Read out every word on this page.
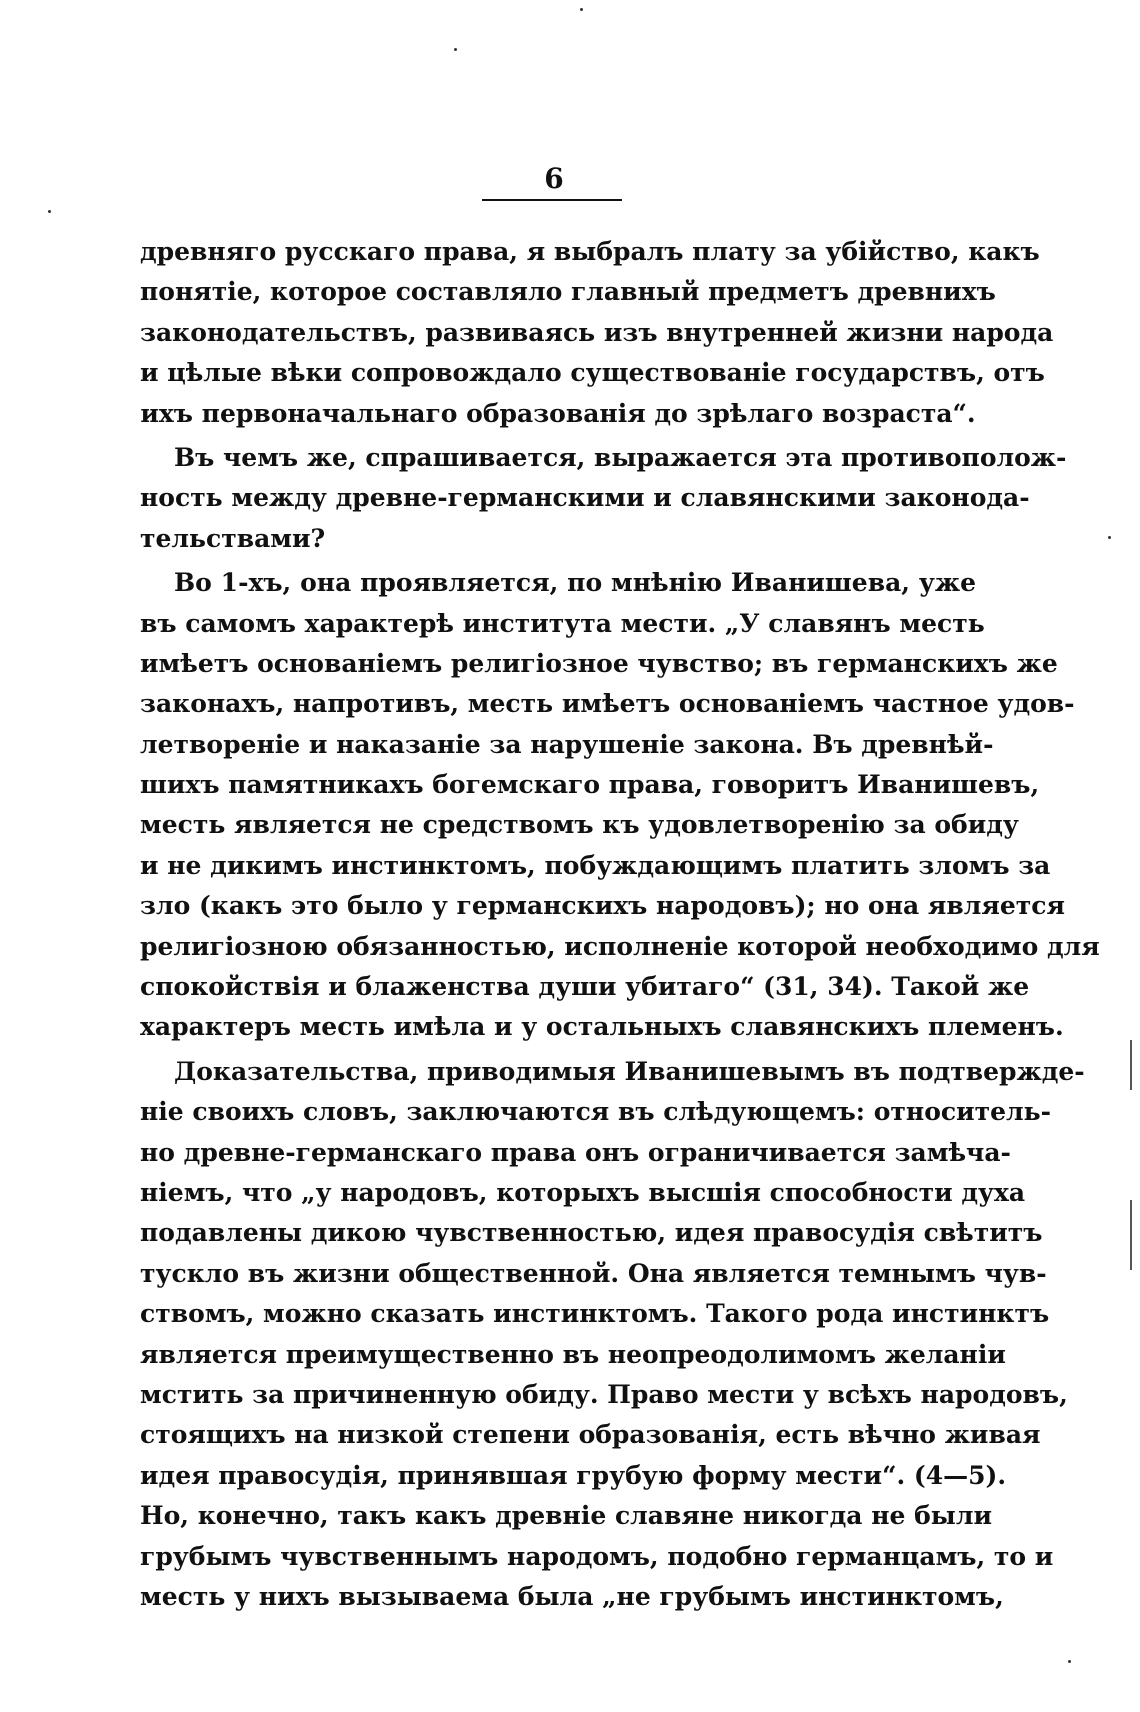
6
древняго русскаго права, я выбралъ плату за убійство, какъ
понятіе, которое составляло главный предметъ древнихъ
законодательствъ, развиваясь изъ внутренней жизни народа
и цѣлые вѣки сопровождало существованіе государствъ, отъ
ихъ первоначальнаго образованія до зрѣлаго возраста“.
Въ чемъ же, спрашивается, выражается эта противополож-
ность между древне-германскими и славянскими законода-
тельствами?
Во 1-хъ, она проявляется, по мнѣнію Иванишева, уже
въ самомъ характерѣ института мести. „У славянъ месть
имѣетъ основаніемъ религіозное чувство; въ германскихъ же
законахъ, напротивъ, месть имѣетъ основаніемъ частное удов-
летвореніе и наказаніе за нарушеніе закона. Въ древнѣй-
шихъ памятникахъ богемскаго права, говоритъ Иванишевъ,
месть является не средствомъ къ удовлетворенію за обиду
и не дикимъ инстинктомъ, побуждающимъ платить зломъ за
зло (какъ это было у германскихъ народовъ); но она является
религіозною обязанностью, исполненіе которой необходимо для
спокойствія и блаженства души убитаго“ (31, 34). Такой же
характеръ месть имѣла и у остальныхъ славянскихъ племенъ.
Доказательства, приводимыя Иванишевымъ въ подтвержде-
ніе своихъ словъ, заключаются въ слѣдующемъ: относитель-
но древне-германскаго права онъ ограничивается замѣча-
ніемъ, что „у народовъ, которыхъ высшія способности духа
подавлены дикою чувственностью, идея правосудія свѣтитъ
тускло въ жизни общественной. Она является темнымъ чув-
ствомъ, можно сказать инстинктомъ. Такого рода инстинктъ
является преимущественно въ неопреодолимомъ желаніи
мстить за причиненную обиду. Право мести у всѣхъ народовъ,
стоящихъ на низкой степени образованія, есть вѣчно живая
идея правосудія, принявшая грубую форму мести“. (4—5).
Но, конечно, такъ какъ древніе славяне никогда не были
грубымъ чувственнымъ народомъ, подобно германцамъ, то и
месть у нихъ вызываема была „не грубымъ инстинктомъ,
